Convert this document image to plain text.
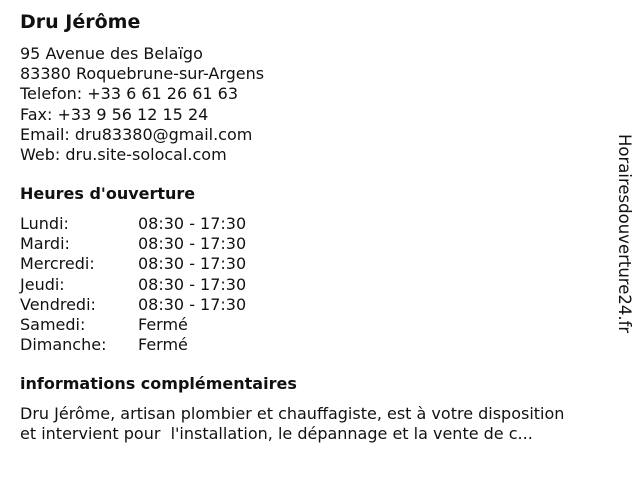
Dru Jérôme
95 Avenue des Belaïgo
83380 Roquebrune-sur-Argens
Telefon: +33 6 61 26 61 63
Fax: +33 9 56 12 15 24
Email: dru83380@gmail.com
Web: dru.site-solocal.com
Heures d'ouverture
Lundi:	08:30 - 17:30
Mardi:	08:30 - 17:30
Mercredi:	08:30 - 17:30
Jeudi:	08:30 - 17:30
Vendredi:	08:30 - 17:30
Samedi:	Fermé
Dimanche: Fermé
informations complémentaires
Dru Jérôme, artisan plombier et chauffagiste, est à votre disposition
et intervient pour  l'installation, le dépannage et la vente de c...
Horairesdouverture24.fr
